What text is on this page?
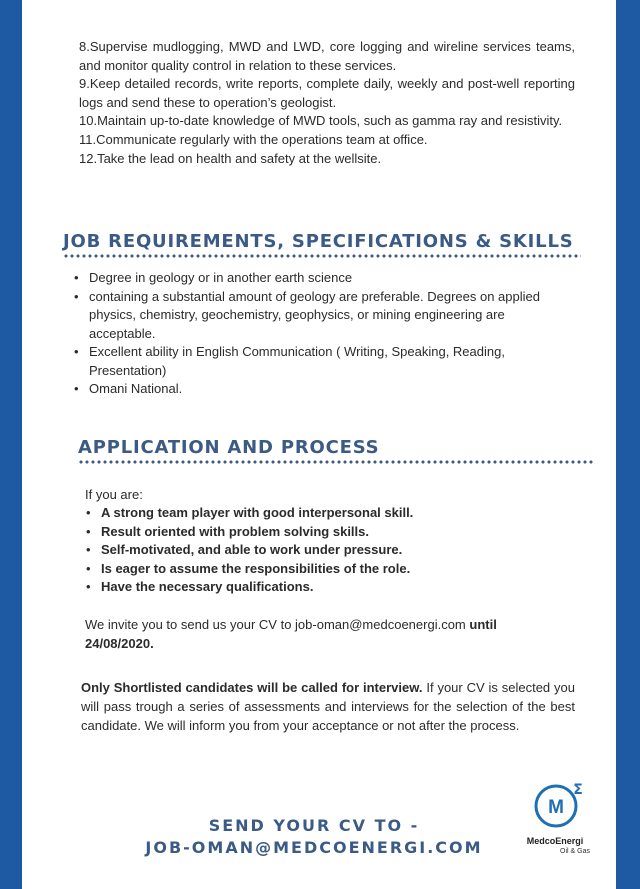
8.Supervise mudlogging, MWD and LWD, core logging and wireline services teams, and monitor quality control in relation to these services.

9.Keep detailed records, write reports, complete daily, weekly and post-well reporting logs and send these to operation’s geologist.

10.Maintain up-to-date knowledge of MWD tools, such as gamma ray and resistivity.

11.Communicate regularly with the operations team at office.

12.Take the lead on health and safety at the wellsite.

JOB REQUIREMENTS, SPECIFICATIONS & SKILLS
• Degree in geology or in another earth science
• containing a substantial amount of geology are preferable. Degrees on applied physics, chemistry, geochemistry, geophysics, or mining engineering are acceptable.
• Excellent ability in English Communication ( Writing, Speaking, Reading, Presentation)
• Omani National.
APPLICATION AND PROCESS
If you are:
• A strong team player with good interpersonal skill.
• Result oriented with problem solving skills.
• Self-motivated, and able to work under pressure.
• Is eager to assume the responsibilities of the role.
• Have the necessary qualifications.

We invite you to send us your CV to job-oman@medcoenergi.com until 24/08/2020.

Only Shortlisted candidates will be called for interview. If your CV is selected you will pass trough a series of assessments and interviews for the selection of the best candidate. We will inform you from your acceptance or not after the process.

SEND YOUR CV TO -
JOB-OMAN@MEDCOENERGI.COM
M
Σ
MedcoEnergi
Oil & Gas
